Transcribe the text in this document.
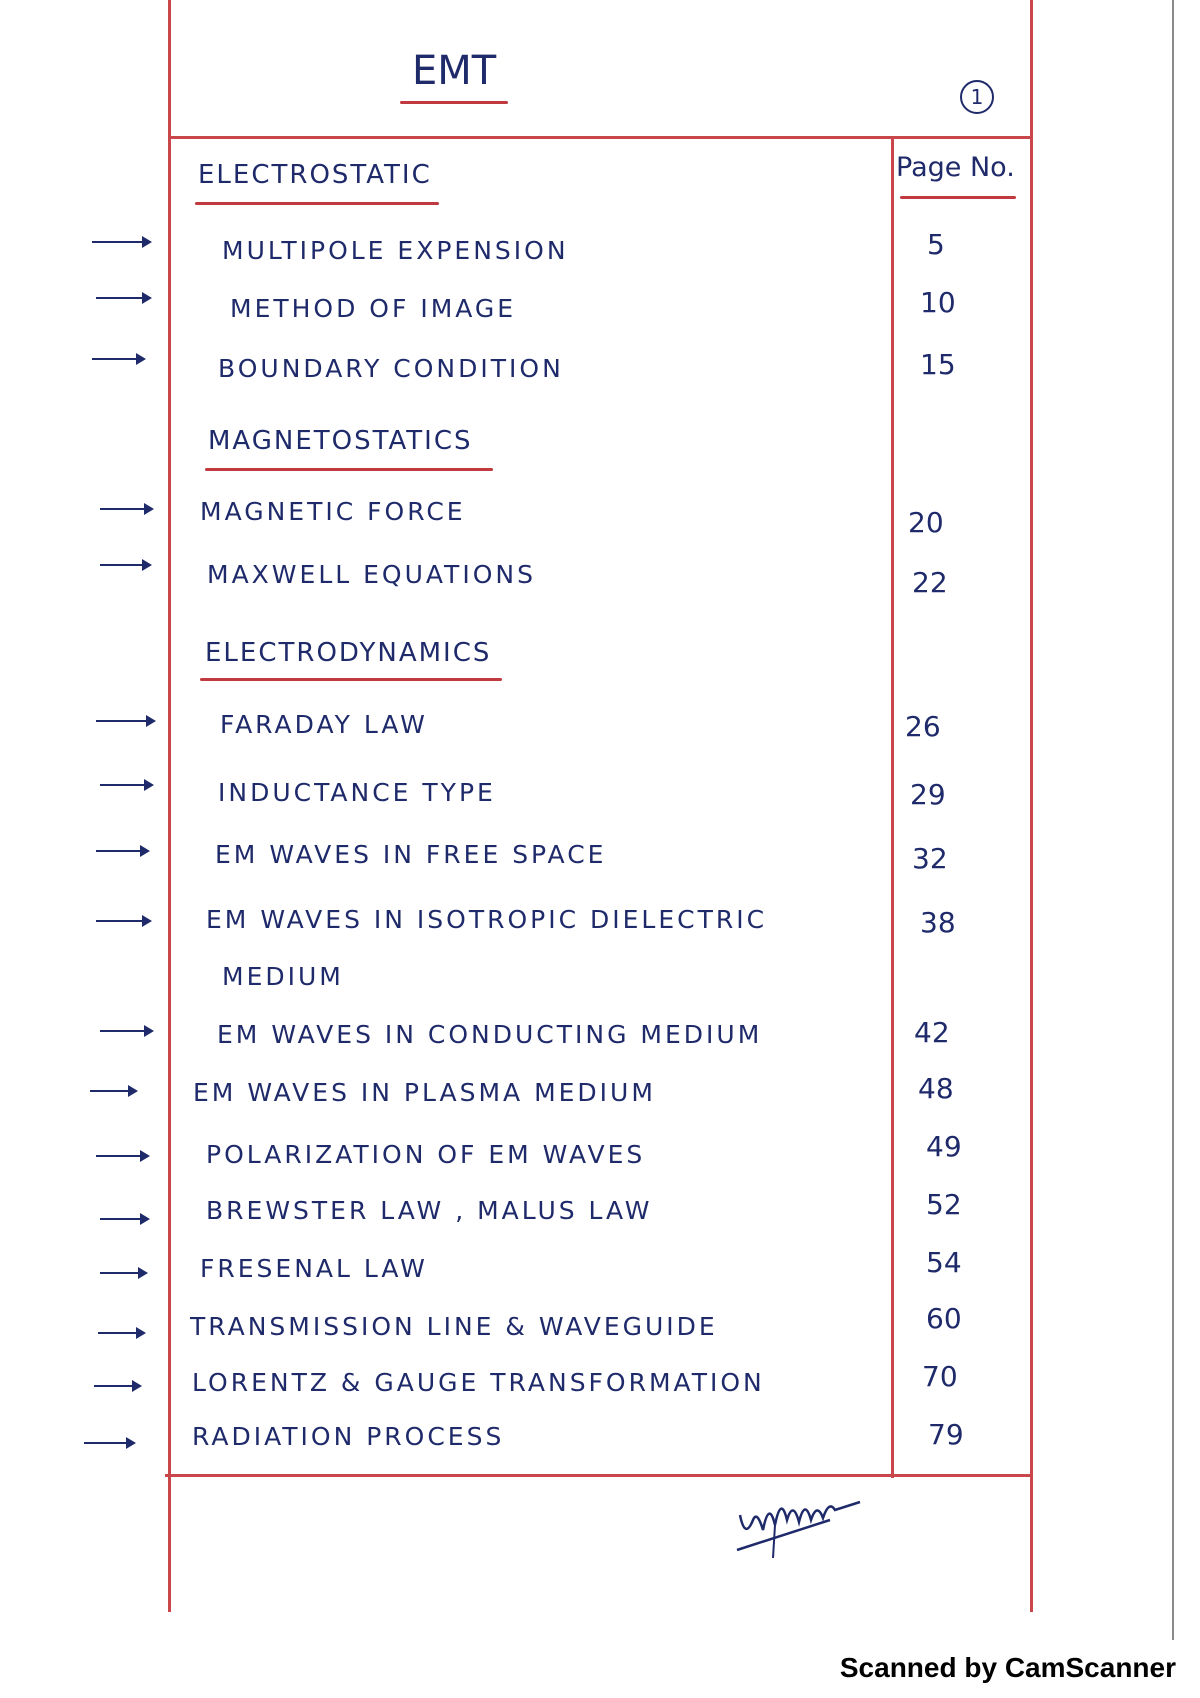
EMT
1
Page No.
ELECTROSTATIC
MULTIPOLE EXPENSION	5
METHOD OF IMAGE	10
BOUNDARY CONDITION	15
MAGNETOSTATICS
MAGNETIC FORCE	20
MAXWELL EQUATIONS	22
ELECTRODYNAMICS
FARADAY LAW	26
INDUCTANCE TYPE	29
EM WAVES IN FREE SPACE	32
EM WAVES IN ISOTROPIC DIELECTRIC
MEDIUM
38
EM WAVES IN CONDUCTING MEDIUM	42
EM WAVES IN PLASMA MEDIUM	48
POLARIZATION OF EM WAVES	49
BREWSTER LAW , MALUS LAW	52
FRESENAL LAW	54
TRANSMISSION LINE & WAVEGUIDE	60
LORENTZ & GAUGE TRANSFORMATION	70
RADIATION PROCESS	79
Scanned by CamScanner
